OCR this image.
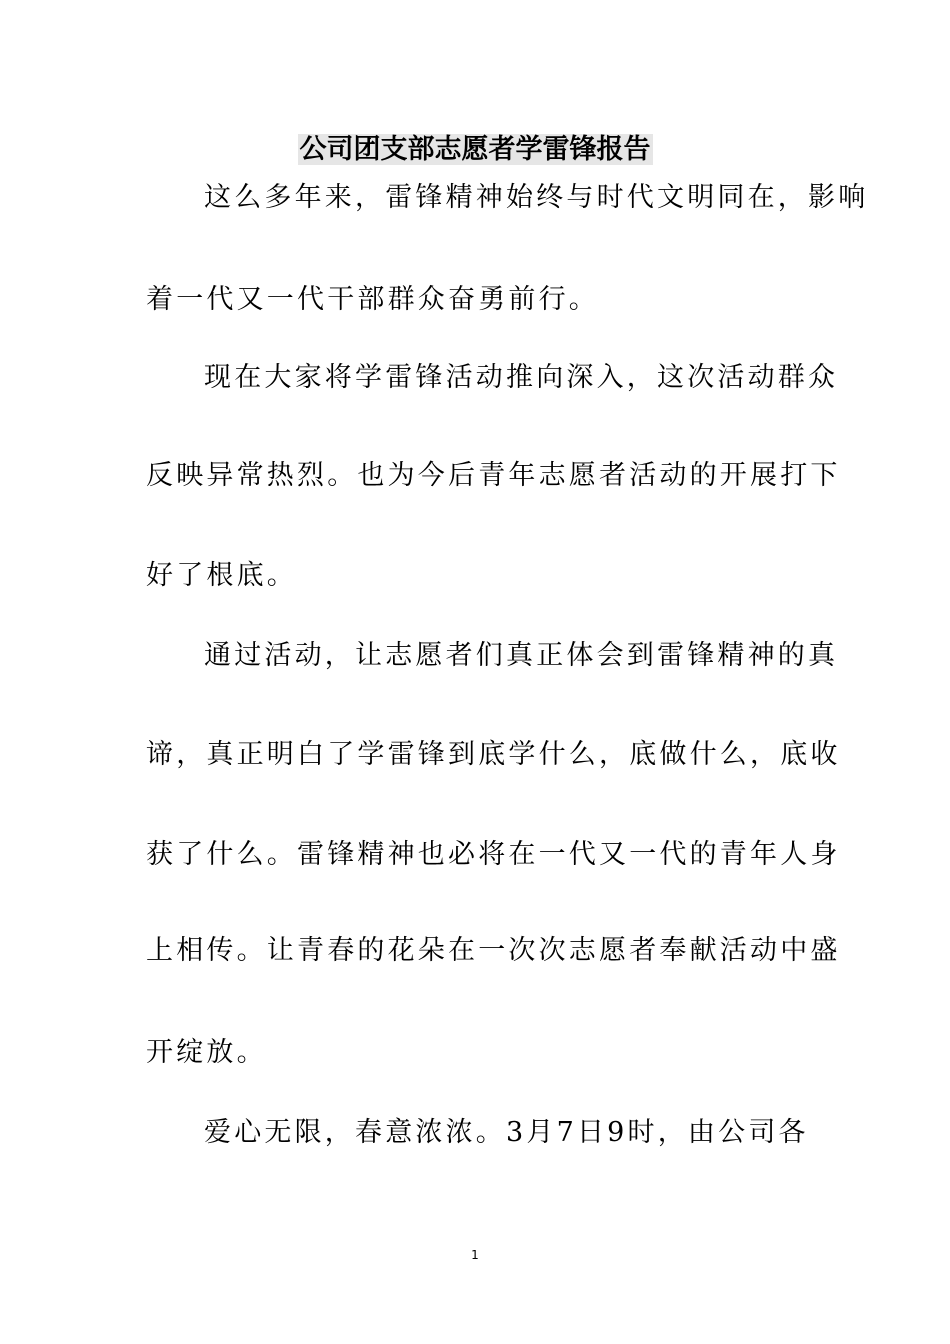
公司团支部志愿者学雷锋报告
这么多年来，雷锋精神始终与时代文明同在，影响
着一代又一代干部群众奋勇前行。
现在大家将学雷锋活动推向深入，这次活动群众
反映异常热烈。也为今后青年志愿者活动的开展打下
好了根底。
通过活动，让志愿者们真正体会到雷锋精神的真
谛，真正明白了学雷锋到底学什么，底做什么，底收
获了什么。雷锋精神也必将在一代又一代的青年人身
上相传。让青春的花朵在一次次志愿者奉献活动中盛
开绽放。
爱心无限，春意浓浓。3月7日9时，由公司各
1
